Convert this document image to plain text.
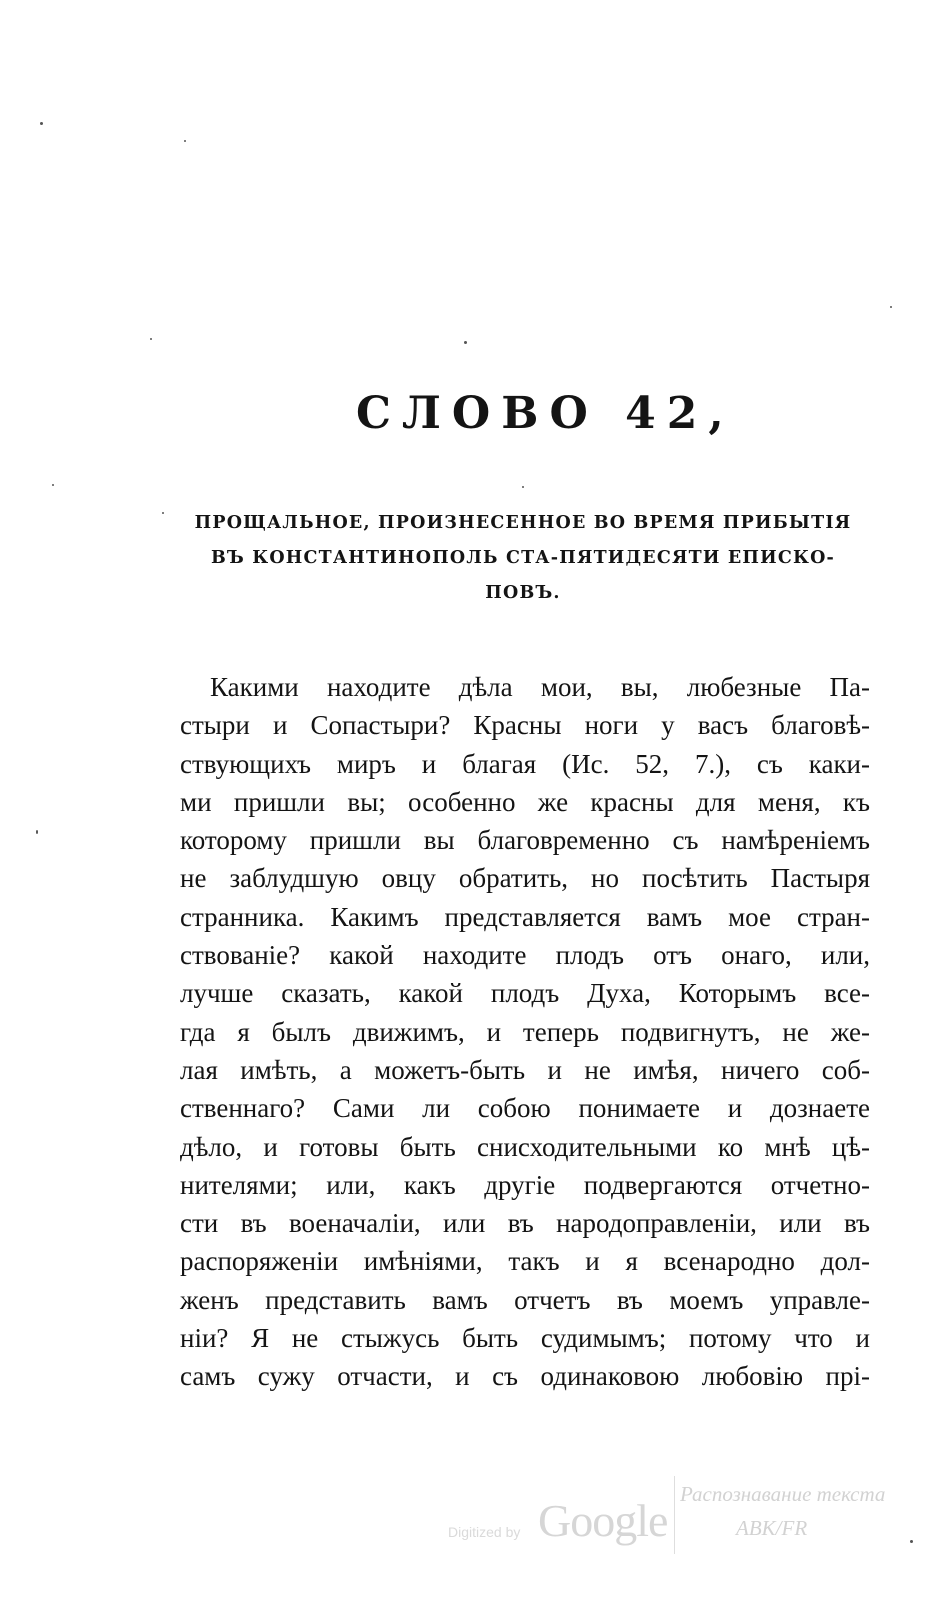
СЛОВО 42,
ПРОЩАЛЬНОЕ, ПРОИЗНЕСЕННОЕ ВО ВРЕМЯ ПРИБЫТІЯ
ВЪ КОНСТАНТИНОПОЛЬ СТА-ПЯТИДЕСЯТИ ЕПИСКО-
ПОВЪ.
Какими находите дѣла мои, вы, любезные Па-
стыри и Сопастыри? Красны ноги у васъ благовѣ-
ствующихъ миръ и благая (Ис. 52, 7.), съ каки-
ми пришли вы; особенно же красны для меня, къ
которому пришли вы благовременно съ намѣреніемъ
не заблудшую овцу обратить, но посѣтить Пастыря
странника. Какимъ представляется вамъ мое стран-
ствованіе? какой находите плодъ отъ онаго, или,
лучше сказать, какой плодъ Духа, Которымъ все-
гда я былъ движимъ, и теперь подвигнутъ, не же-
лая имѣть, а можетъ-быть и не имѣя, ничего соб-
ственнаго? Сами ли собою понимаете и дознаете
дѣло, и готовы быть снисходительными ко мнѣ цѣ-
нителями; или, какъ другіе подвергаются отчетно-
сти въ военачаліи, или въ народоправленіи, или въ
распоряженіи имѣніями, такъ и я всенародно дол-
женъ представить вамъ отчетъ въ моемъ управле-
ніи? Я не стыжусь быть судимымъ; потому что и
самъ сужу отчасти, и съ одинаковою любовію прі-
Digitized by Google
Распознавание текста
ABK/FR
